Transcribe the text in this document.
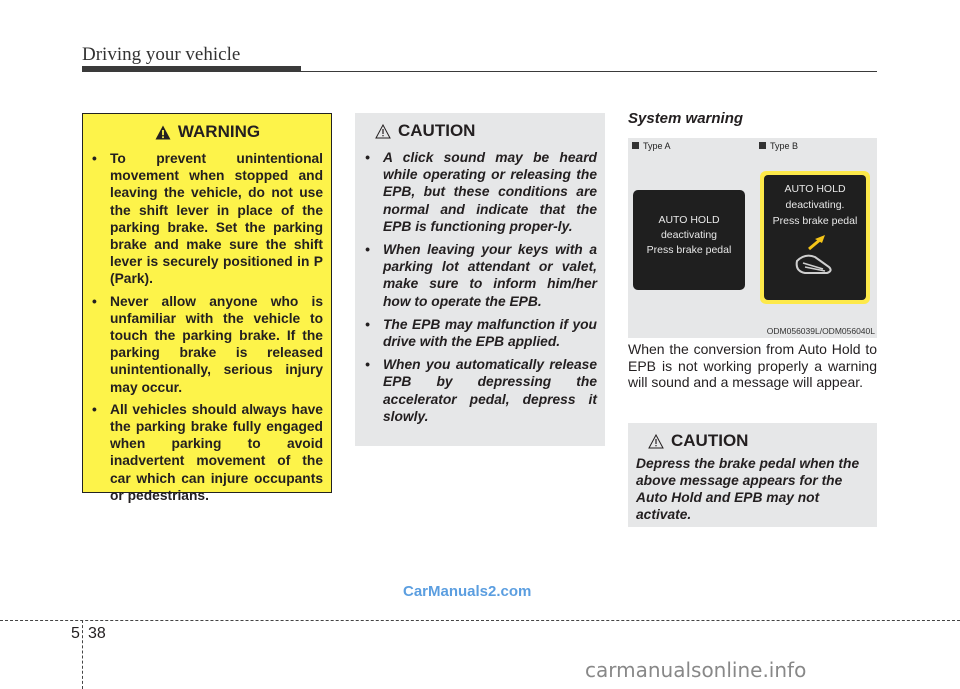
Driving your vehicle
WARNING
• To prevent unintentional movement when stopped and leaving the vehicle, do not use the shift lever in place of the parking brake. Set the parking brake and make sure the shift lever is securely positioned in P (Park).
• Never allow anyone who is unfamiliar with the vehicle to touch the parking brake. If the parking brake is released unintentionally, serious injury may occur.
• All vehicles should always have the parking brake fully engaged when parking to avoid inadvertent movement of the car which can injure occupants or pedestrians.
CAUTION
• A click sound may be heard while operating or releasing the EPB, but these conditions are normal and indicate that the EPB is functioning proper-ly.
• When leaving your keys with a parking lot attendant or valet, make sure to inform him/her how to operate the EPB.
• The EPB may malfunction if you drive with the EPB applied.
• When you automatically release EPB by depressing the accelerator pedal, depress it slowly.
System warning
Type A	Type B
AUTO HOLD
deactivating
Press brake pedal
AUTO HOLD
deactivating.
Press brake pedal
ODM056039L/ODM056040L
When the conversion from Auto Hold to EPB is not working properly a warning will sound and a message will appear.
CAUTION

Depress the brake pedal when the above message appears for the Auto Hold and EPB may not activate.

CarManuals2.com
5 38
carmanualsonline.info
